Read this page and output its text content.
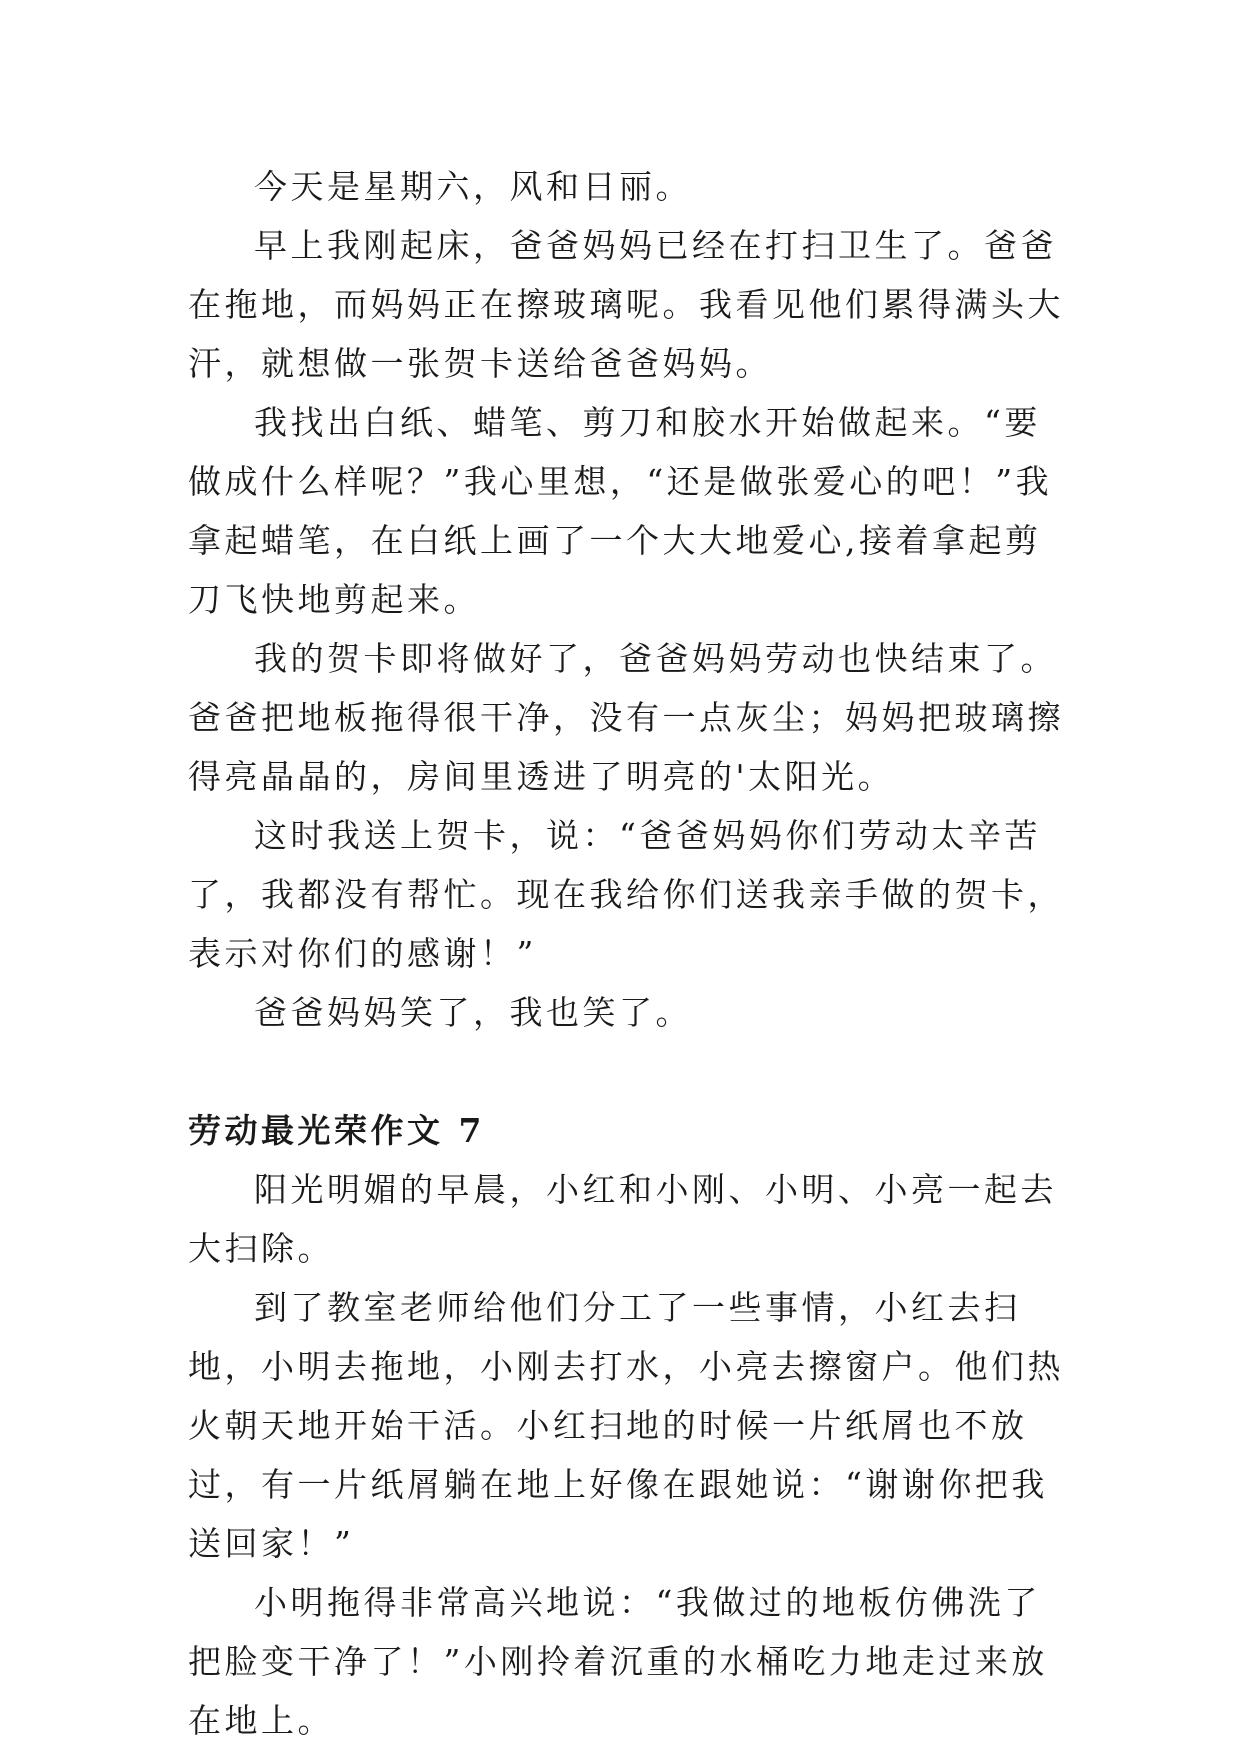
今天是星期六，风和日丽。

早上我刚起床，爸爸妈妈已经在打扫卫生了。爸爸在拖地，而妈妈正在擦玻璃呢。我看见他们累得满头大汗，就想做一张贺卡送给爸爸妈妈。

我找出白纸、蜡笔、剪刀和胶水开始做起来。“要做成什么样呢？”我心里想，“还是做张爱心的吧！”我拿起蜡笔，在白纸上画了一个大大地爱心,接着拿起剪刀飞快地剪起来。

我的贺卡即将做好了，爸爸妈妈劳动也快结束了。爸爸把地板拖得很干净，没有一点灰尘；妈妈把玻璃擦得亮晶晶的，房间里透进了明亮的'太阳光。

这时我送上贺卡，说：“爸爸妈妈你们劳动太辛苦了，我都没有帮忙。现在我给你们送我亲手做的贺卡，表示对你们的感谢！”

爸爸妈妈笑了，我也笑了。

劳动最光荣作文 7

阳光明媚的早晨，小红和小刚、小明、小亮一起去大扫除。

到了教室老师给他们分工了一些事情，小红去扫地，小明去拖地，小刚去打水，小亮去擦窗户。他们热火朝天地开始干活。小红扫地的时候一片纸屑也不放过，有一片纸屑躺在地上好像在跟她说：“谢谢你把我送回家！”

小明拖得非常高兴地说：“我做过的地板仿佛洗了把脸变干净了！”小刚拎着沉重的水桶吃力地走过来放在地上。
